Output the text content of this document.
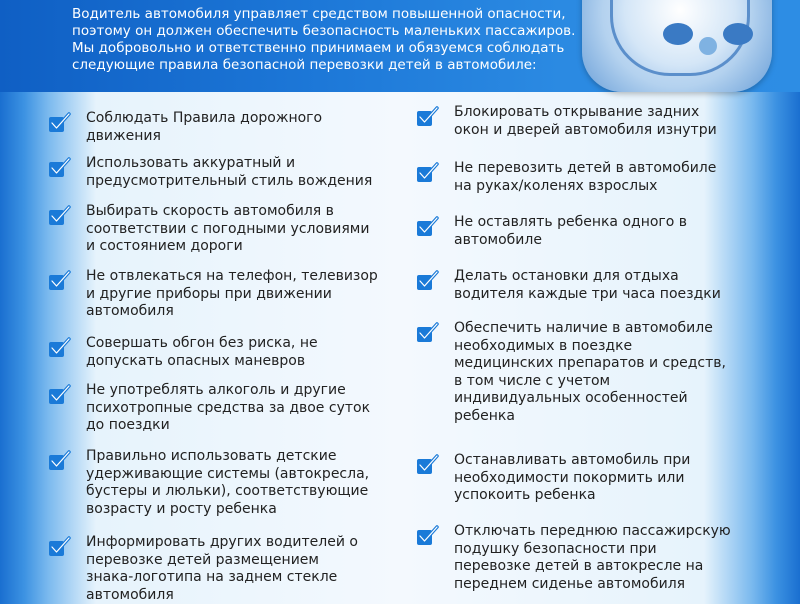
Водитель автомобиля управляет средством повышенной опасности,
поэтому он должен обеспечить безопасность маленьких пассажиров.
Мы добровольно и ответственно принимаем и обязуемся соблюдать
следующие правила безопасной перевозки детей в автомобиле:
Соблюдать Правила дорожного
движения
Использовать аккуратный и
предусмотрительный стиль вождения
Выбирать скорость автомобиля в
соответствии с погодными условиями
и состоянием дороги
Не отвлекаться на телефон, телевизор
и другие приборы при движении
автомобиля
Совершать обгон без риска, не
допускать опасных маневров
Не употреблять алкоголь и другие
психотропные средства за двое суток
до поездки
Правильно использовать детские
удерживающие системы (автокресла,
бустеры и люльки), соответствующие
возрасту и росту ребенка
Информировать других водителей о
перевозке детей размещением
знака-логотипа на заднем стекле
автомобиля
Блокировать открывание задних
окон и дверей автомобиля изнутри
Не перевозить детей в автомобиле
на руках/коленях взрослых
Не оставлять ребенка одного в
автомобиле
Делать остановки для отдыха
водителя каждые три часа поездки
Обеспечить наличие в автомобиле
необходимых в поездке
медицинских препаратов и средств,
в том числе с учетом
индивидуальных особенностей
ребенка
Останавливать автомобиль при
необходимости покормить или
успокоить ребенка
Отключать переднюю пассажирскую
подушку безопасности при
перевозке детей в автокресле на
переднем сиденье автомобиля
